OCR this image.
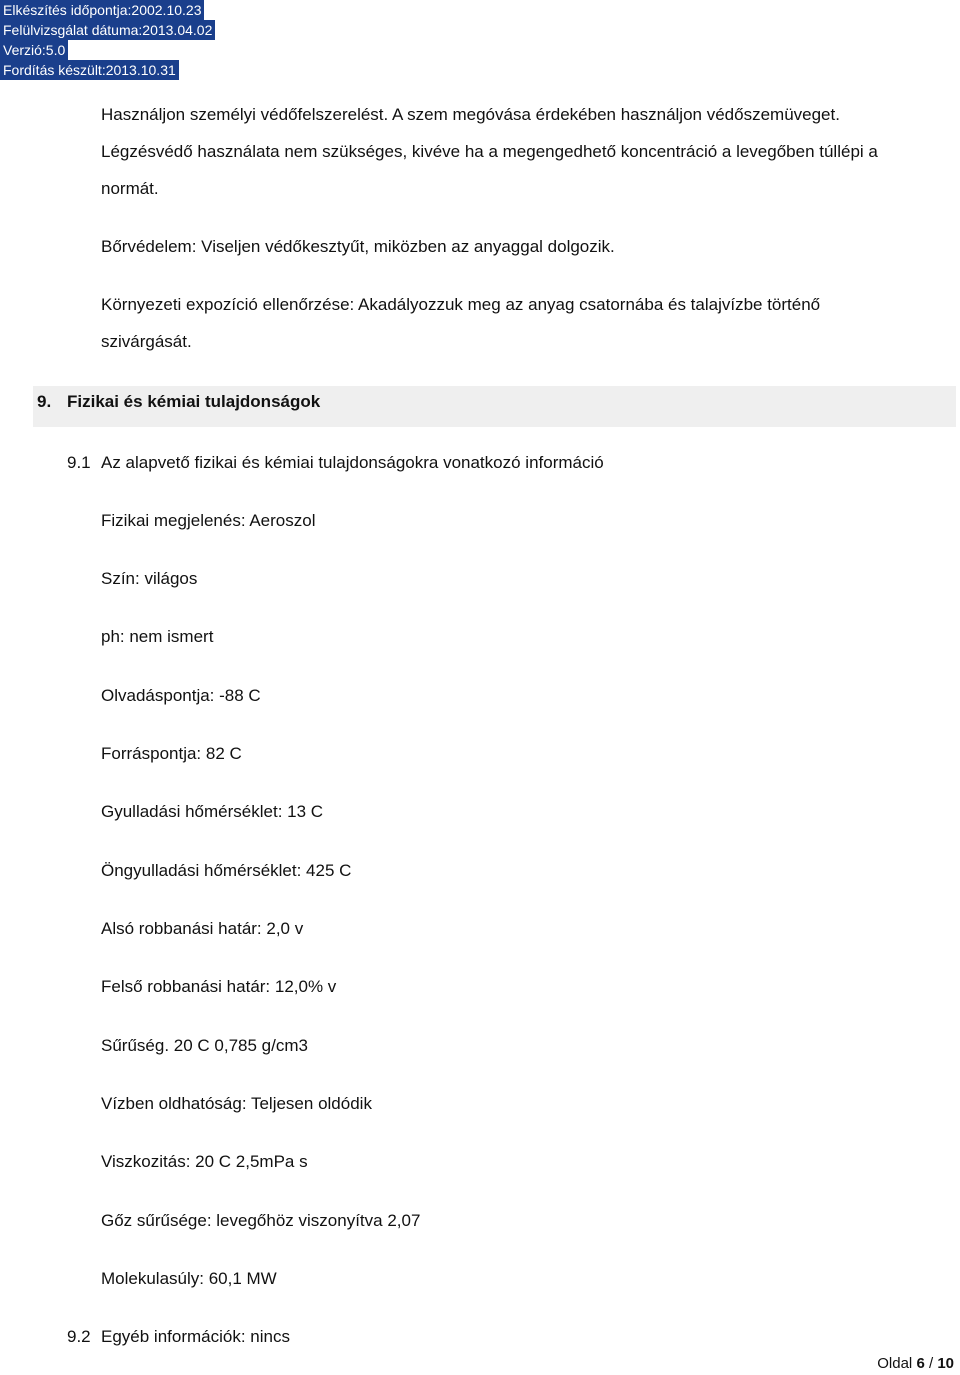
Elkészítés időpontja:2002.10.23
Felülvizsgálat dátuma:2013.04.02
Verzió:5.0
Fordítás készült:2013.10.31
Használjon személyi védőfelszerelést. A szem megóvása érdekében használjon védőszemüveget.
Légzésvédő használata nem szükséges, kivéve ha a megengedhető koncentráció a levegőben túllépi a
normát.
Bőrvédelem: Viseljen védőkesztyűt, miközben az anyaggal dolgozik.
Környezeti expozíció ellenőrzése: Akadályozzuk meg az anyag csatornába és talajvízbe történő
szivárgását.
9. Fizikai és kémiai tulajdonságok
9.1 Az alapvető fizikai és kémiai tulajdonságokra vonatkozó információ
Fizikai megjelenés: Aeroszol
Szín: világos
ph: nem ismert
Olvadáspontja: -88 C
Forráspontja: 82 C
Gyulladási hőmérséklet: 13 C
Öngyulladási hőmérséklet: 425 C
Alsó robbanási határ: 2,0 v
Felső robbanási határ: 12,0% v
Sűrűség. 20 C 0,785 g/cm3
Vízben oldhatóság: Teljesen oldódik
Viszkozitás: 20 C 2,5mPa s
Gőz sűrűsége: levegőhöz viszonyítva 2,07
Molekulasúly: 60,1 MW
9.2 Egyéb információk: nincs
Oldal 6 / 10
